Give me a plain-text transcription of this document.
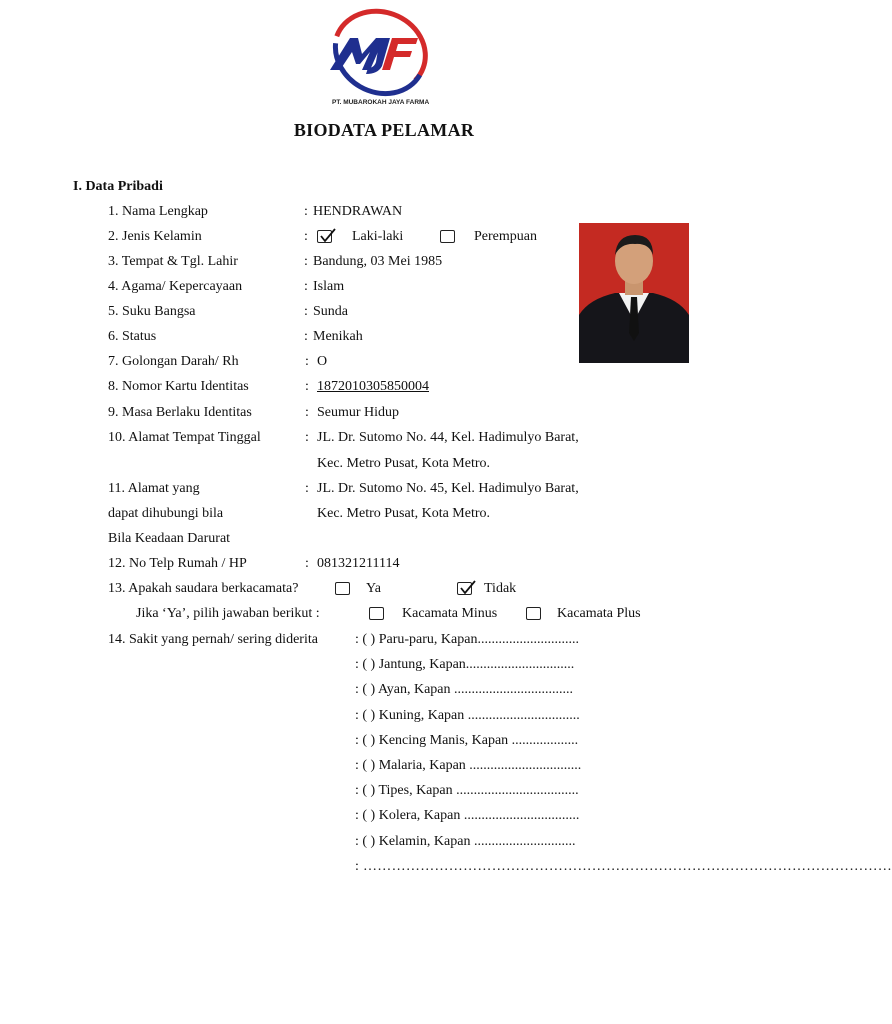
PT. MUBAROKAH JAYA FARMA
BIODATA PELAMAR
I. Data Pribadi
1. Nama Lengkap	: HENDRAWAN
2. Jenis Kelamin	:	Laki-laki	Perempuan
3. Tempat & Tgl. Lahir	: Bandung, 03 Mei 1985
4. Agama/ Kepercayaan	: Islam
5. Suku Bangsa	: Sunda
6. Status	: Menikah
7. Golongan Darah/ Rh	: O
8. Nomor Kartu Identitas	: 1872010305850004
9. Masa Berlaku Identitas	: Seumur Hidup
10. Alamat Tempat Tinggal	: JL. Dr. Sutomo No. 44, Kel. Hadimulyo Barat,
Kec. Metro Pusat, Kota Metro.
11. Alamat yang
dapat dihubungi bila
Bila Keadaan Darurat
: JL. Dr. Sutomo No. 45, Kel. Hadimulyo Barat,
Kec. Metro Pusat, Kota Metro.
12. No Telp Rumah / HP	: 081321211114
13. Apakah saudara berkacamata?	Ya	Tidak
Jika ‘Ya’, pilih jawaban berikut :	Kacamata Minus	Kacamata Plus
14. Sakit yang pernah/ sering diderita	: ( ) Paru-paru, Kapan.............................
: ( ) Jantung, Kapan...............................
: ( ) Ayan, Kapan ..................................
: ( ) Kuning, Kapan ................................
: ( ) Kencing Manis, Kapan ...................
: ( ) Malaria, Kapan ................................
: ( ) Tipes, Kapan ...................................
: ( ) Kolera, Kapan .................................
: ( ) Kelamin, Kapan .............................
: …………………………………………………………………………………………………
